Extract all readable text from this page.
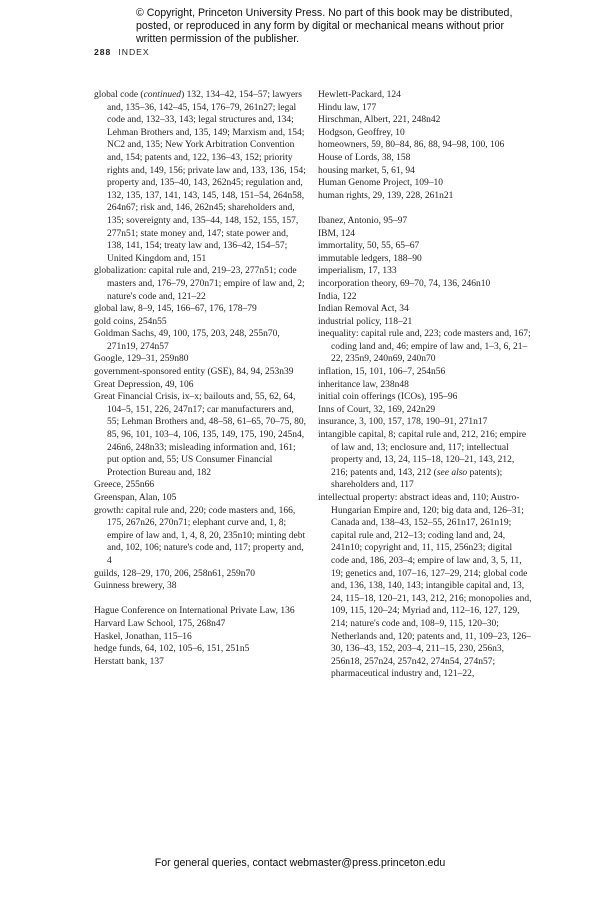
© Copyright, Princeton University Press. No part of this book may be distributed, posted, or reproduced in any form by digital or mechanical means without prior written permission of the publisher.
288 INDEX
global code (continued) 132, 134–42, 154–57; lawyers and, 135–36, 142–45, 154, 176–79, 261n27; legal code and, 132–33, 143; legal structures and, 134; Lehman Brothers and, 135, 149; Marxism and, 154; NC2 and, 135; New York Arbitration Convention and, 154; patents and, 122, 136–43, 152; priority rights and, 149, 156; private law and, 133, 136, 154; property and, 135–40, 143, 262n45; regulation and, 132, 135, 137, 141, 143, 145, 148, 151–54, 264n58, 264n67; risk and, 146, 262n45; shareholders and, 135; sovereignty and, 135–44, 148, 152, 155, 157, 277n51; state money and, 147; state power and, 138, 141, 154; treaty law and, 136–42, 154–57; United Kingdom and, 151
globalization: capital rule and, 219–23, 277n51; code masters and, 176–79, 270n71; empire of law and, 2; nature's code and, 121–22
global law, 8–9, 145, 166–67, 176, 178–79
gold coins, 254n55
Goldman Sachs, 49, 100, 175, 203, 248, 255n70, 271n19, 274n57
Google, 129–31, 259n80
government-sponsored entity (GSE), 84, 94, 253n39
Great Depression, 49, 106
Great Financial Crisis, ix–x; bailouts and, 55, 62, 64, 104–5, 151, 226, 247n17; car manufacturers and, 55; Lehman Brothers and, 48–58, 61–65, 70–75, 80, 85, 96, 101, 103–4, 106, 135, 149, 175, 190, 245n4, 246n6, 248n33; misleading information and, 161; put option and, 55; US Consumer Financial Protection Bureau and, 182
Greece, 255n66
Greenspan, Alan, 105
growth: capital rule and, 220; code masters and, 166, 175, 267n26, 270n71; elephant curve and, 1, 8; empire of law and, 1, 4, 8, 20, 235n10; minting debt and, 102, 106; nature's code and, 117; property and, 4
guilds, 128–29, 170, 206, 258n61, 259n70
Guinness brewery, 38
Hague Conference on International Private Law, 136
Harvard Law School, 175, 268n47
Haskel, Jonathan, 115–16
hedge funds, 64, 102, 105–6, 151, 251n5
Herstatt bank, 137
Hewlett-Packard, 124
Hindu law, 177
Hirschman, Albert, 221, 248n42
Hodgson, Geoffrey, 10
homeowners, 59, 80–84, 86, 88, 94–98, 100, 106
House of Lords, 38, 158
housing market, 5, 61, 94
Human Genome Project, 109–10
human rights, 29, 139, 228, 261n21
Ibanez, Antonio, 95–97
IBM, 124
immortality, 50, 55, 65–67
immutable ledgers, 188–90
imperialism, 17, 133
incorporation theory, 69–70, 74, 136, 246n10
India, 122
Indian Removal Act, 34
industrial policy, 118–21
inequality: capital rule and, 223; code masters and, 167; coding land and, 46; empire of law and, 1–3, 6, 21–22, 235n9, 240n69, 240n70
inflation, 15, 101, 106–7, 254n56
inheritance law, 238n48
initial coin offerings (ICOs), 195–96
Inns of Court, 32, 169, 242n29
insurance, 3, 100, 157, 178, 190–91, 271n17
intangible capital, 8; capital rule and, 212, 216; empire of law and, 13; enclosure and, 117; intellectual property and, 13, 24, 115–18, 120–21, 143, 212, 216; patents and, 143, 212 (see also patents); shareholders and, 117
intellectual property: abstract ideas and, 110; Austro-Hungarian Empire and, 120; big data and, 126–31; Canada and, 138–43, 152–55, 261n17, 261n19; capital rule and, 212–13; coding land and, 24, 241n10; copyright and, 11, 115, 256n23; digital code and, 186, 203–4; empire of law and, 3, 5, 11, 19; genetics and, 107–16, 127–29, 214; global code and, 136, 138, 140, 143; intangible capital and, 13, 24, 115–18, 120–21, 143, 212, 216; monopolies and, 109, 115, 120–24; Myriad and, 112–16, 127, 129, 214; nature's code and, 108–9, 115, 120–30; Netherlands and, 120; patents and, 11, 109–23, 126–30, 136–43, 152, 203–4, 211–15, 230, 256n3, 256n18, 257n24, 257n42, 274n54, 274n57; pharmaceutical industry and, 121–22,
For general queries, contact webmaster@press.princeton.edu
